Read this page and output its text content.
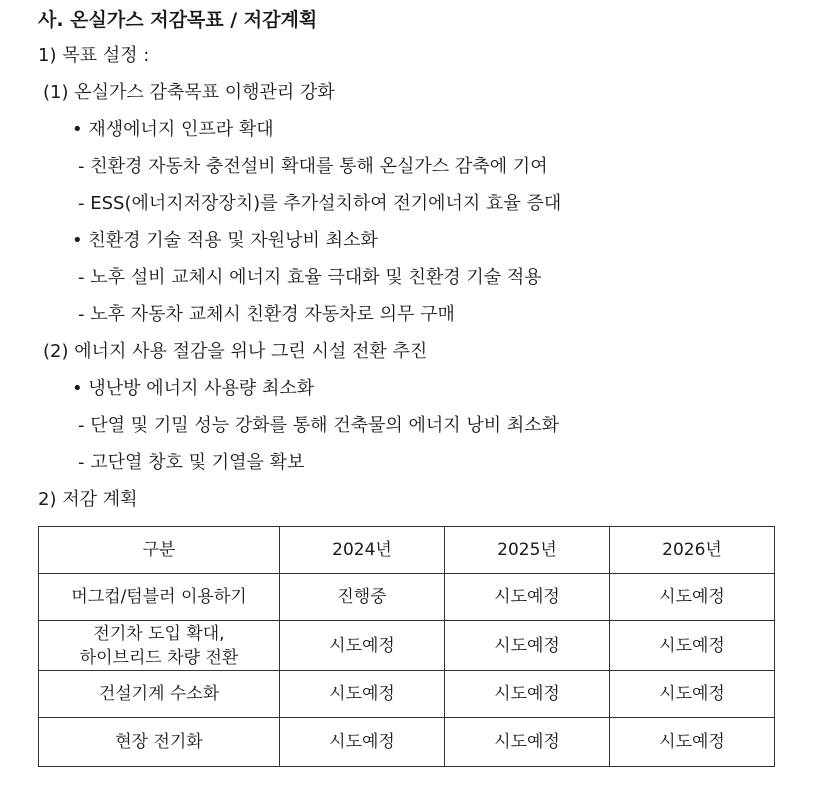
사. 온실가스 저감목표 / 저감계획
1) 목표 설정 :
(1) 온실가스 감축목표 이행관리 강화
• 재생에너지 인프라 확대
- 친환경 자동차 충전설비 확대를 통해 온실가스 감축에 기여
- ESS(에너지저장장치)를 추가설치하여 전기에너지 효율 증대
• 친환경 기술 적용 및 자원낭비 최소화
- 노후 설비 교체시 에너지 효율 극대화 및 친환경 기술 적용
- 노후 자동차 교체시 친환경 자동차로 의무 구매
(2) 에너지 사용 절감을 위나 그린 시설 전환 추진
• 냉난방 에너지 사용량 최소화
- 단열 및 기밀 성능 강화를 통해 건축물의 에너지 낭비 최소화
- 고단열 창호 및 기열을 확보
2) 저감 계획
구분	2024년	2025년	2026년
머그컵/텀블러 이용하기	진행중	시도예정	시도예정
전기차 도입 확대,
하이브리드 차량 전환	시도예정	시도예정	시도예정
건설기계 수소화	시도예정	시도예정	시도예정
현장 전기화	시도예정	시도예정	시도예정
